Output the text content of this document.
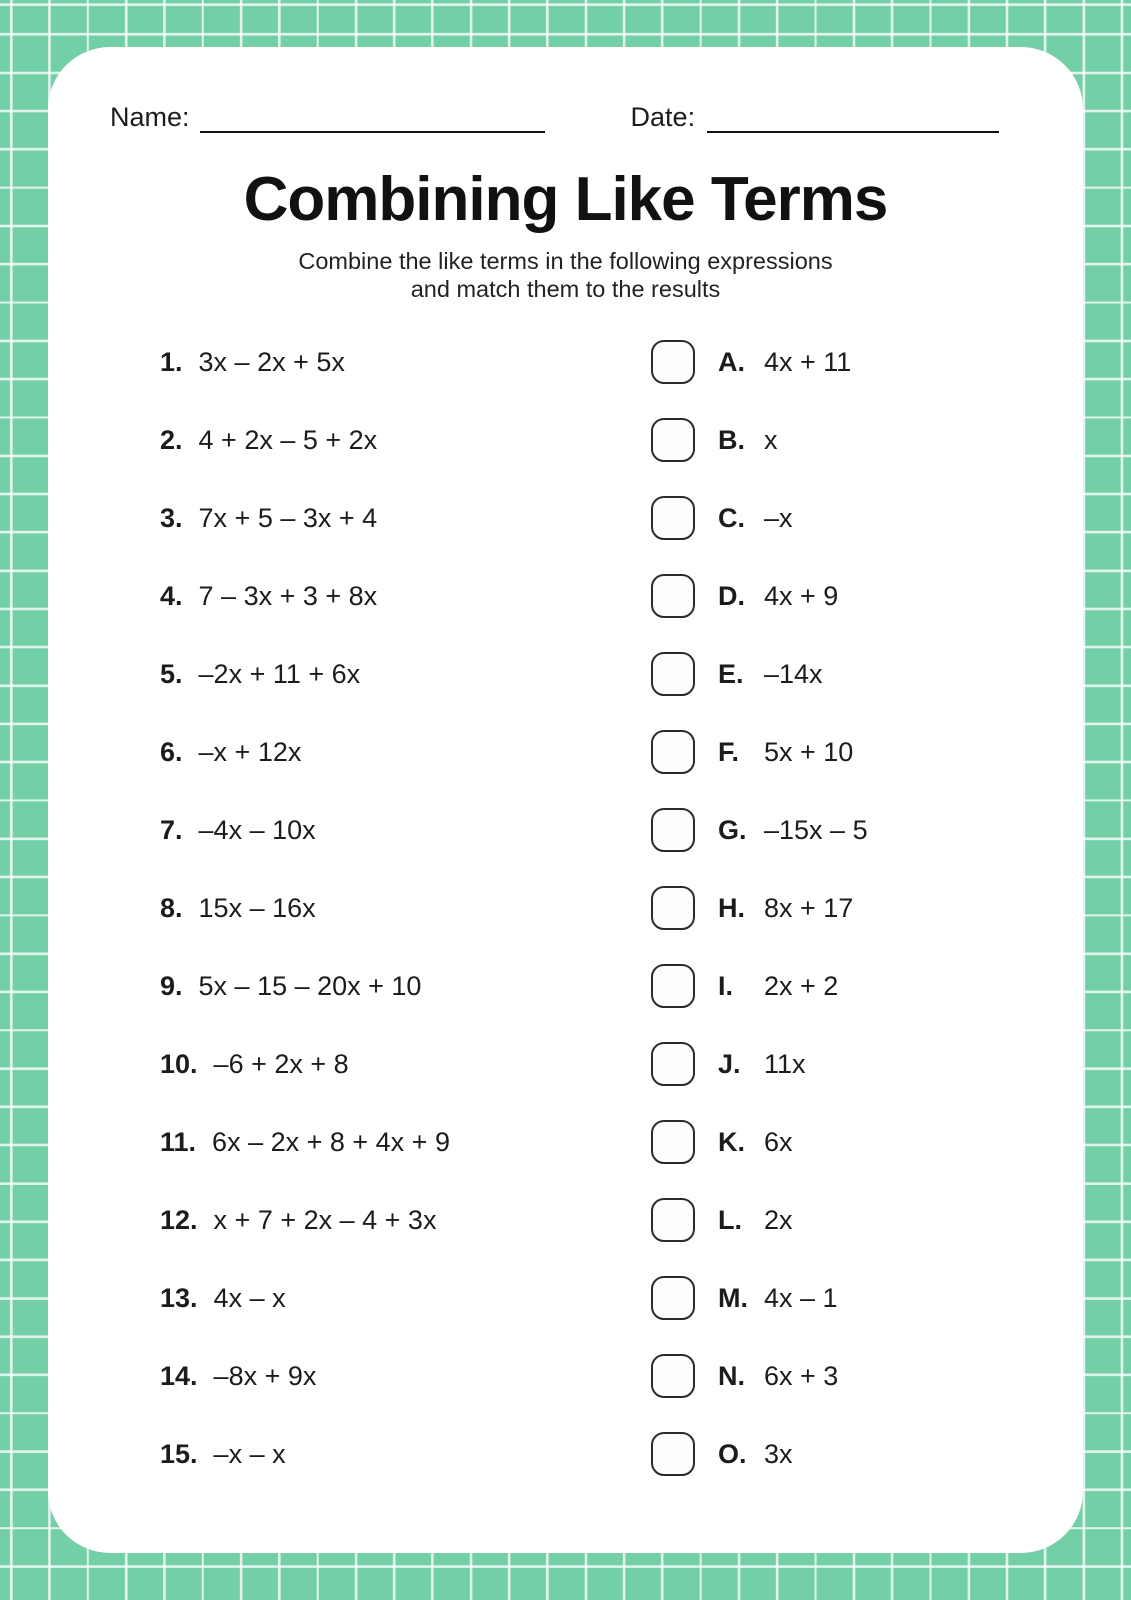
Name:	Date:
Combining Like Terms
Combine the like terms in the following expressions
and match them to the results
1. 3x – 2x + 5x	A. 4x + 11
2. 4 + 2x – 5 + 2x	B. x
3. 7x + 5 – 3x + 4	C. –x
4. 7 – 3x + 3 + 8x	D. 4x + 9
5. –2x + 11 + 6x	E. –14x
6. –x + 12x	F. 5x + 10
7. –4x – 10x	G. –15x – 5
8. 15x – 16x	H. 8x + 17
9. 5x – 15 – 20x + 10	I.	2x + 2
10. –6 + 2x + 8	J. 11x
11. 6x – 2x + 8 + 4x + 9	K. 6x
12. x + 7 + 2x – 4 + 3x	L. 2x
13. 4x – x	M. 4x – 1
14. –8x + 9x	N. 6x + 3
15. –x – x	O. 3x
